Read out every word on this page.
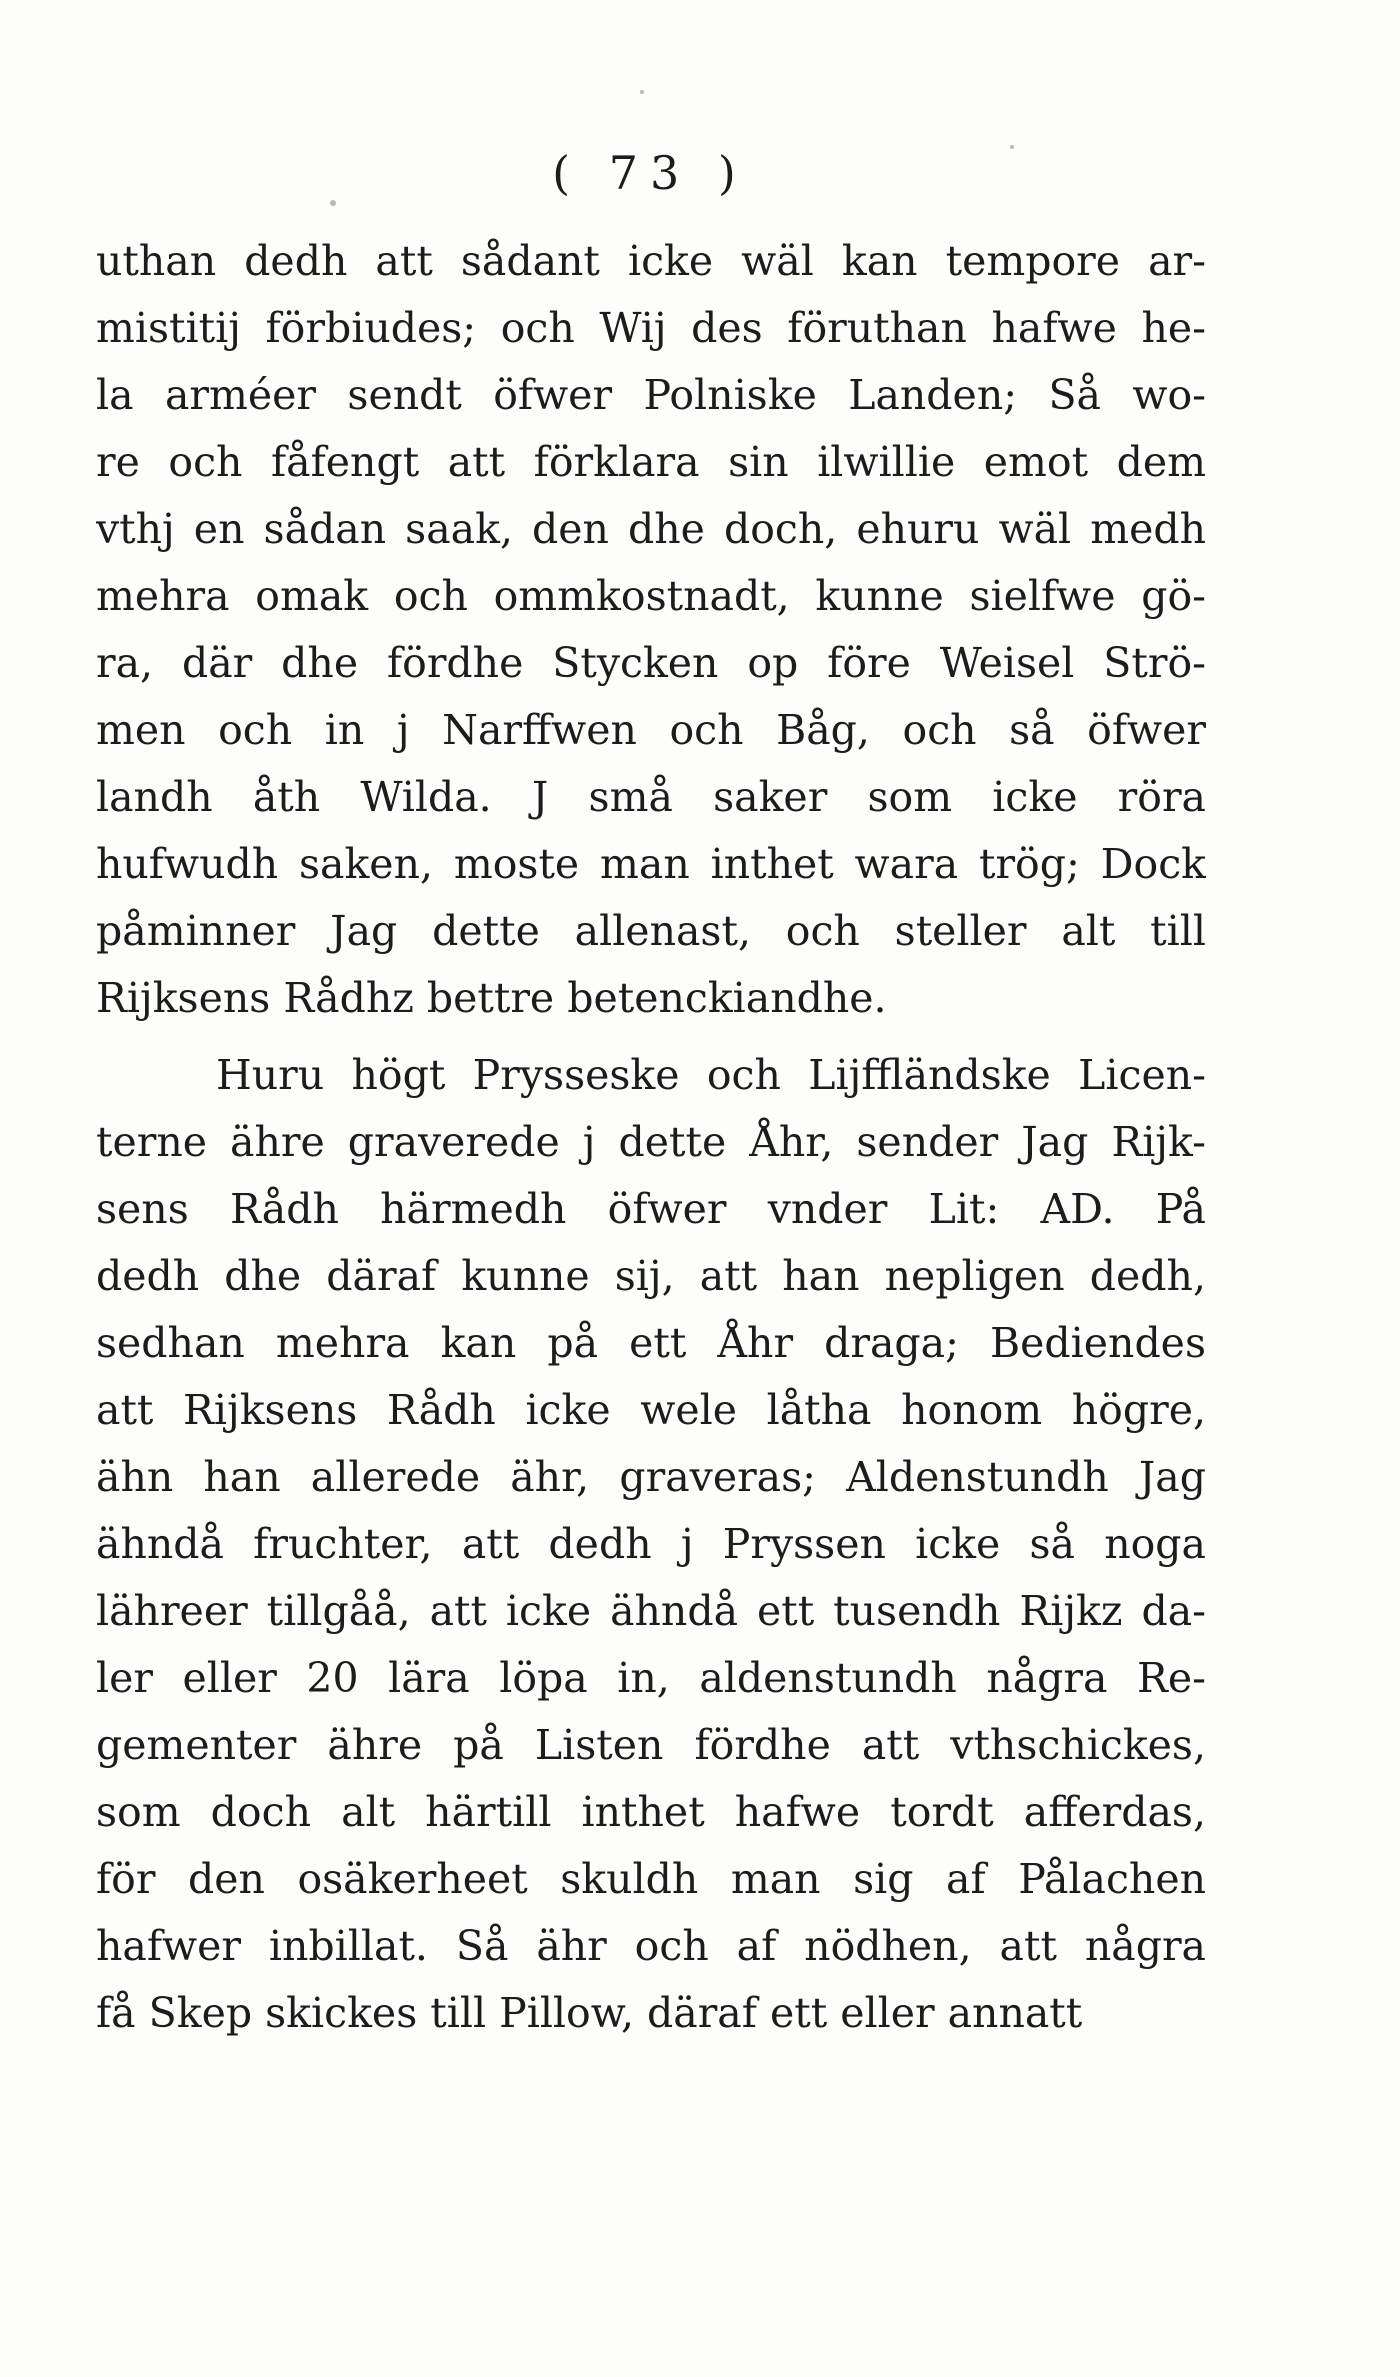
( 73 )
uthan dedh att sådant icke wäl kan tempore ar-
mistitij förbiudes; och Wij des föruthan hafwe he-
la arméer sendt öfwer Polniske Landen; Så wo-
re och fåfengt att förklara sin ilwillie emot dem
vthj en sådan saak, den dhe doch, ehuru wäl medh
mehra omak och ommkostnadt, kunne sielfwe gö-
ra, där dhe fördhe Stycken op före Weisel Strö-
men och in j Narffwen och Båg, och så öfwer
landh åth Wilda. J små saker som icke röra
hufwudh saken, moste man inthet wara trög; Dock
påminner Jag dette allenast, och steller alt till
Rijksens Rådhz bettre betenckiandhe.
Huru högt Prysseske och Lijffländske Licen-
terne ähre graverede j dette Åhr, sender Jag Rijk-
sens Rådh härmedh öfwer vnder Lit: AD. På
dedh dhe däraf kunne sij, att han nepligen dedh,
sedhan mehra kan på ett Åhr draga; Bediendes
att Rijksens Rådh icke wele låtha honom högre,
ähn han allerede ähr, graveras; Aldenstundh Jag
ähndå fruchter, att dedh j Pryssen icke så noga
lähreer tillgåå, att icke ähndå ett tusendh Rijkz da-
ler eller 20 lära löpa in, aldenstundh några Re-
gementer ähre på Listen fördhe att vthschickes,
som doch alt härtill inthet hafwe tordt afferdas,
för den osäkerheet skuldh man sig af Pålachen
hafwer inbillat. Så ähr och af nödhen, att några
få Skep skickes till Pillow, däraf ett eller annatt
